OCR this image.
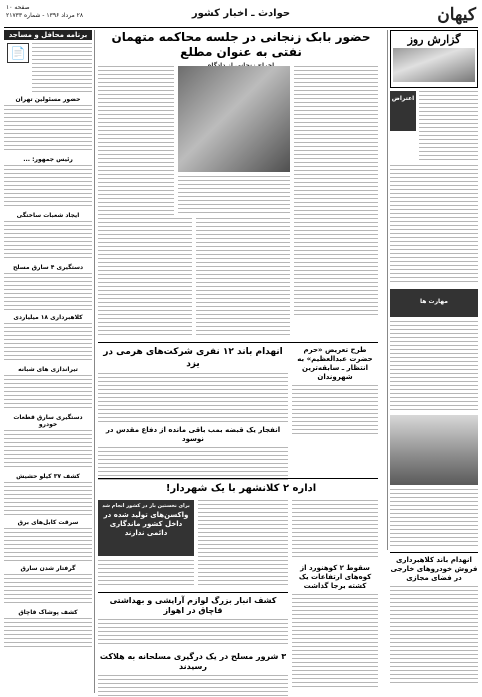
کیهان
حوادث ـ اخبار کشور
صفحه ۱۰
۲۸ مرداد ۱۳۹۶ - شماره ۲۱۷۳۳
برنامه محافل و مساجد
📄
حضور مسئولین تهران
رئیس جمهور: ...
ایجاد شعبات ساختگی
دستگیری ۴ سارق مسلح
کلاهبرداری ۱۸ میلیاردی
تیراندازی های شبانه
دستگیری سارق قطعات خودرو
کشف ۳۷ کیلو حشیش
سرقت کابل‌های برق
گرفتار شدن سارق
کشف پوشاک قاچاق
گزارش روز
اعتراض
مهارت ها
حضور بابک زنجانی در جلسه محاکمه متهمان نفتی به عنوان مطلع
انهدام باند ۱۲ نفری شرکت‌های هرمی در یزد
طرح تعریض «حرم حضرت عبدالعظیم» به انتظار ـ سابقه‌ترین شهروندان
انفجار یک قبضه بمب باقی مانده از دفاع مقدس در نوسود
اداره ۲ کلانشهر با یک شهردار!
برای نخستین بار در کشور انجام شد
واکسن‌های تولید شده در داخل کشور ماندگاری دائمی ندارند
کشف انبار بزرگ لوازم آرایشی و بهداشتی قاچاق در اهواز
۳ شرور مسلح در یک درگیری مسلحانه به هلاکت رسیدند
سقوط ۲ کوهنورد از کوه‌های ارتفاعات یک کشته برجا گذاشت
انهدام باند کلاهبرداری فروش خودروهای خارجی در فضای مجازی
